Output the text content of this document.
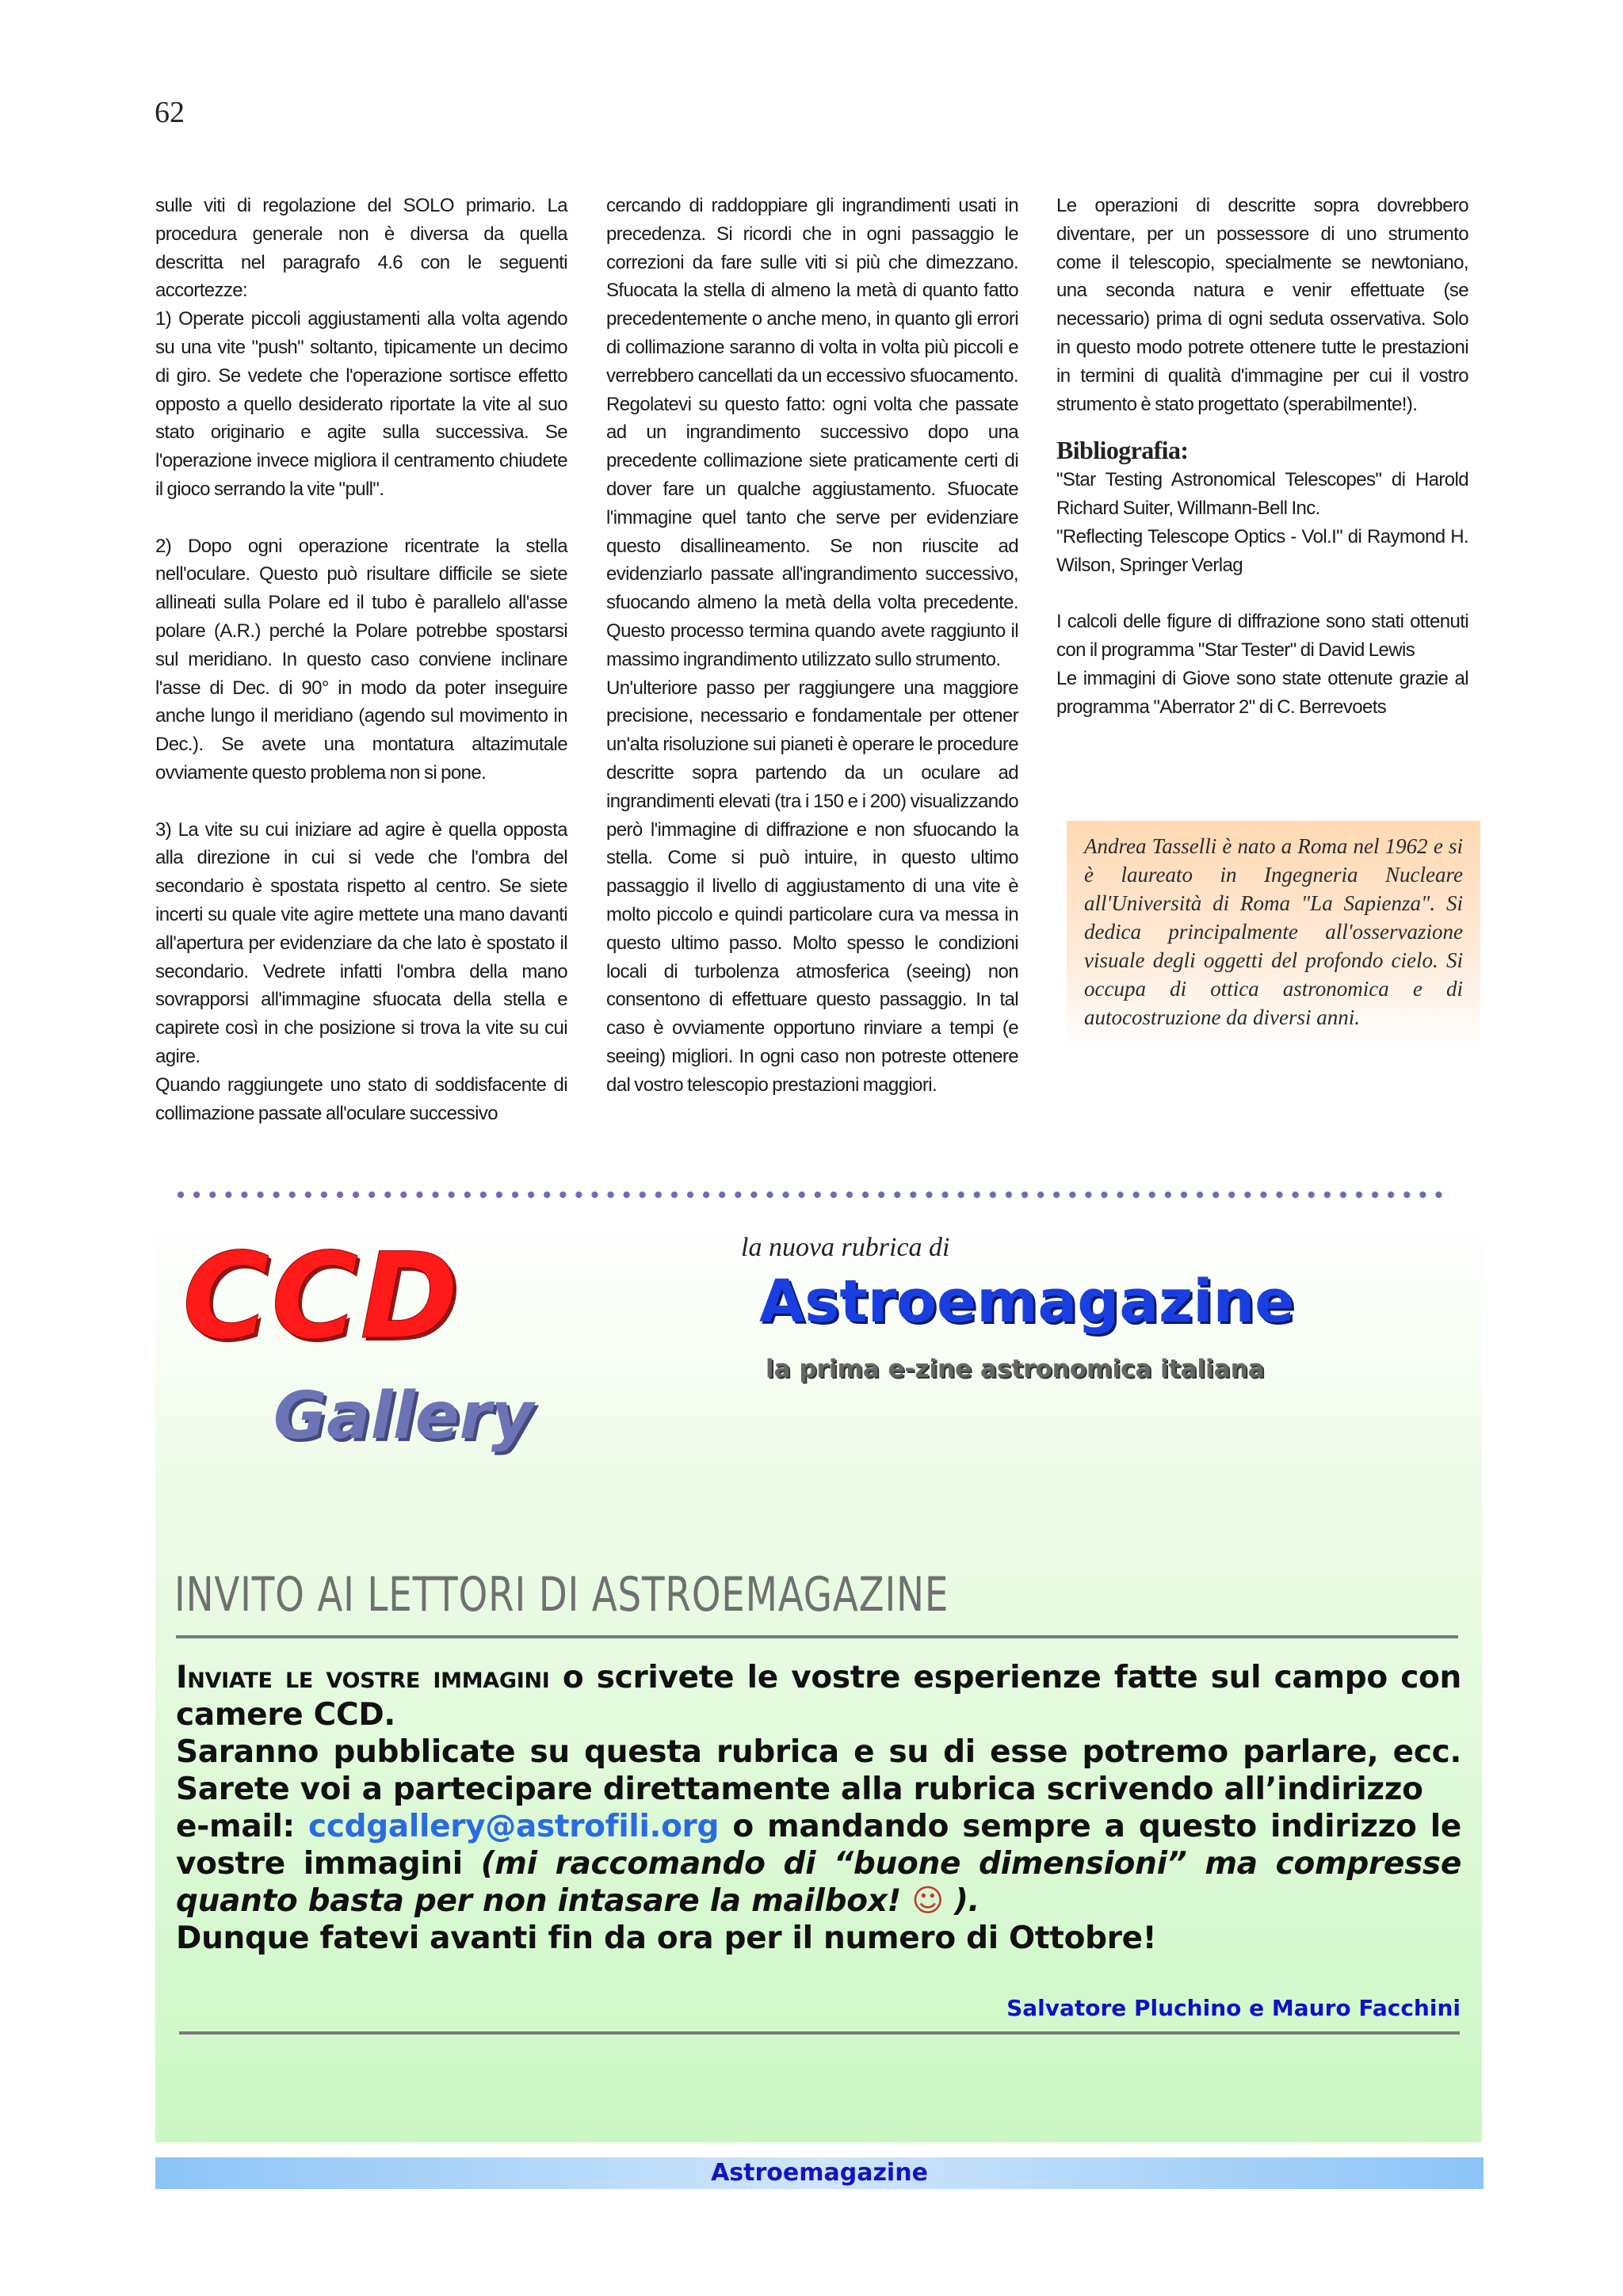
62

sulle viti di regolazione del SOLO primario. La procedura generale non è diversa da quella descritta nel paragrafo 4.6 con le seguenti accortezze:

1) Operate piccoli aggiustamenti alla volta agendo su una vite "push" soltanto, tipicamente un decimo di giro. Se vedete che l'operazione sortisce effetto opposto a quello desiderato riportate la vite al suo stato originario e agite sulla successiva. Se l'operazione invece migliora il centramento chiudete il gioco serrando la vite "pull".

2) Dopo ogni operazione ricentrate la stella nell'oculare. Questo può risultare difficile se siete allineati sulla Polare ed il tubo è parallelo all'asse polare (A.R.) perché la Polare potrebbe spostarsi sul meridiano. In questo caso conviene inclinare l'asse di Dec. di 90° in modo da poter inseguire anche lungo il meridiano (agendo sul movimento in Dec.). Se avete una montatura altazimutale ovviamente questo problema non si pone.

3) La vite su cui iniziare ad agire è quella opposta alla direzione in cui si vede che l'ombra del secondario è spostata rispetto al centro. Se siete incerti su quale vite agire mettete una mano davanti all'apertura per evidenziare da che lato è spostato il secondario. Vedrete infatti l'ombra della mano sovrapporsi all'immagine sfuocata della stella e capirete così in che posizione si trova la vite su cui agire.

Quando raggiungete uno stato di soddisfacente di collimazione passate all'oculare successivo

cercando di raddoppiare gli ingrandimenti usati in precedenza. Si ricordi che in ogni passaggio le correzioni da fare sulle viti si più che dimezzano. Sfuocata la stella di almeno la metà di quanto fatto precedentemente o anche meno, in quanto gli errori di collimazione saranno di volta in volta più piccoli e verrebbero cancellati da un eccessivo sfuocamento. Regolatevi su questo fatto: ogni volta che passate ad un ingrandimento successivo dopo una precedente collimazione siete praticamente certi di dover fare un qualche aggiustamento. Sfuocate l'immagine quel tanto che serve per evidenziare questo disallineamento. Se non riuscite ad evidenziarlo passate all'ingrandimento successivo, sfuocando almeno la metà della volta precedente. Questo processo termina quando avete raggiunto il massimo ingrandimento utilizzato sullo strumento.

Un'ulteriore passo per raggiungere una maggiore precisione, necessario e fondamentale per ottener un'alta risoluzione sui pianeti è operare le procedure descritte sopra partendo da un oculare ad ingrandimenti elevati (tra i 150 e i 200) visualizzando però l'immagine di diffrazione e non sfuocando la stella. Come si può intuire, in questo ultimo passaggio il livello di aggiustamento di una vite è molto piccolo e quindi particolare cura va messa in questo ultimo passo. Molto spesso le condizioni locali di turbolenza atmosferica (seeing) non consentono di effettuare questo passaggio. In tal caso è ovviamente opportuno rinviare a tempi (e seeing) migliori. In ogni caso non potreste ottenere dal vostro telescopio prestazioni maggiori.

Le operazioni di descritte sopra dovrebbero diventare, per un possessore di uno strumento come il telescopio, specialmente se newtoniano, una seconda natura e venir effettuate (se necessario) prima di ogni seduta osservativa. Solo in questo modo potrete ottenere tutte le prestazioni in termini di qualità d'immagine per cui il vostro strumento è stato progettato (sperabilmente!).

Bibliografia:

"Star Testing Astronomical Telescopes" di Harold Richard Suiter, Willmann-Bell Inc.

"Reflecting Telescope Optics - Vol.I" di Raymond H. Wilson, Springer Verlag

I calcoli delle figure di diffrazione sono stati ottenuti con il programma "Star Tester" di David Lewis

Le immagini di Giove sono state ottenute grazie al programma "Aberrator 2" di C. Berrevoets

Andrea Tasselli è nato a Roma nel 1962 e si è laureato in Ingegneria Nucleare all'Università di Roma "La Sapienza". Si dedica principalmente all'osservazione visuale degli oggetti del profondo cielo. Si occupa di ottica astronomica e di autocostruzione da diversi anni.
CCD
Gallery
la nuova rubrica di
Astroemagazine
la prima e-zine astronomica italiana
INVITO AI LETTORI DI ASTROEMAGAZINE

Inviate le vostre immagini o scrivete le vostre esperienze fatte sul campo con camere CCD.

Saranno pubblicate su questa rubrica e su di esse potremo parlare, ecc. Sarete voi a partecipare direttamente alla rubrica scrivendo all’indirizzo
e-mail: ccdgallery@astrofili.org o mandando sempre a questo indirizzo le vostre immagini (mi raccomando di “buone dimensioni” ma compresse quanto basta per non intasare la mailbox! ☺ ).

Dunque fatevi avanti fin da ora per il numero di Ottobre!

Salvatore Pluchino e Mauro Facchini
Astroemagazine
